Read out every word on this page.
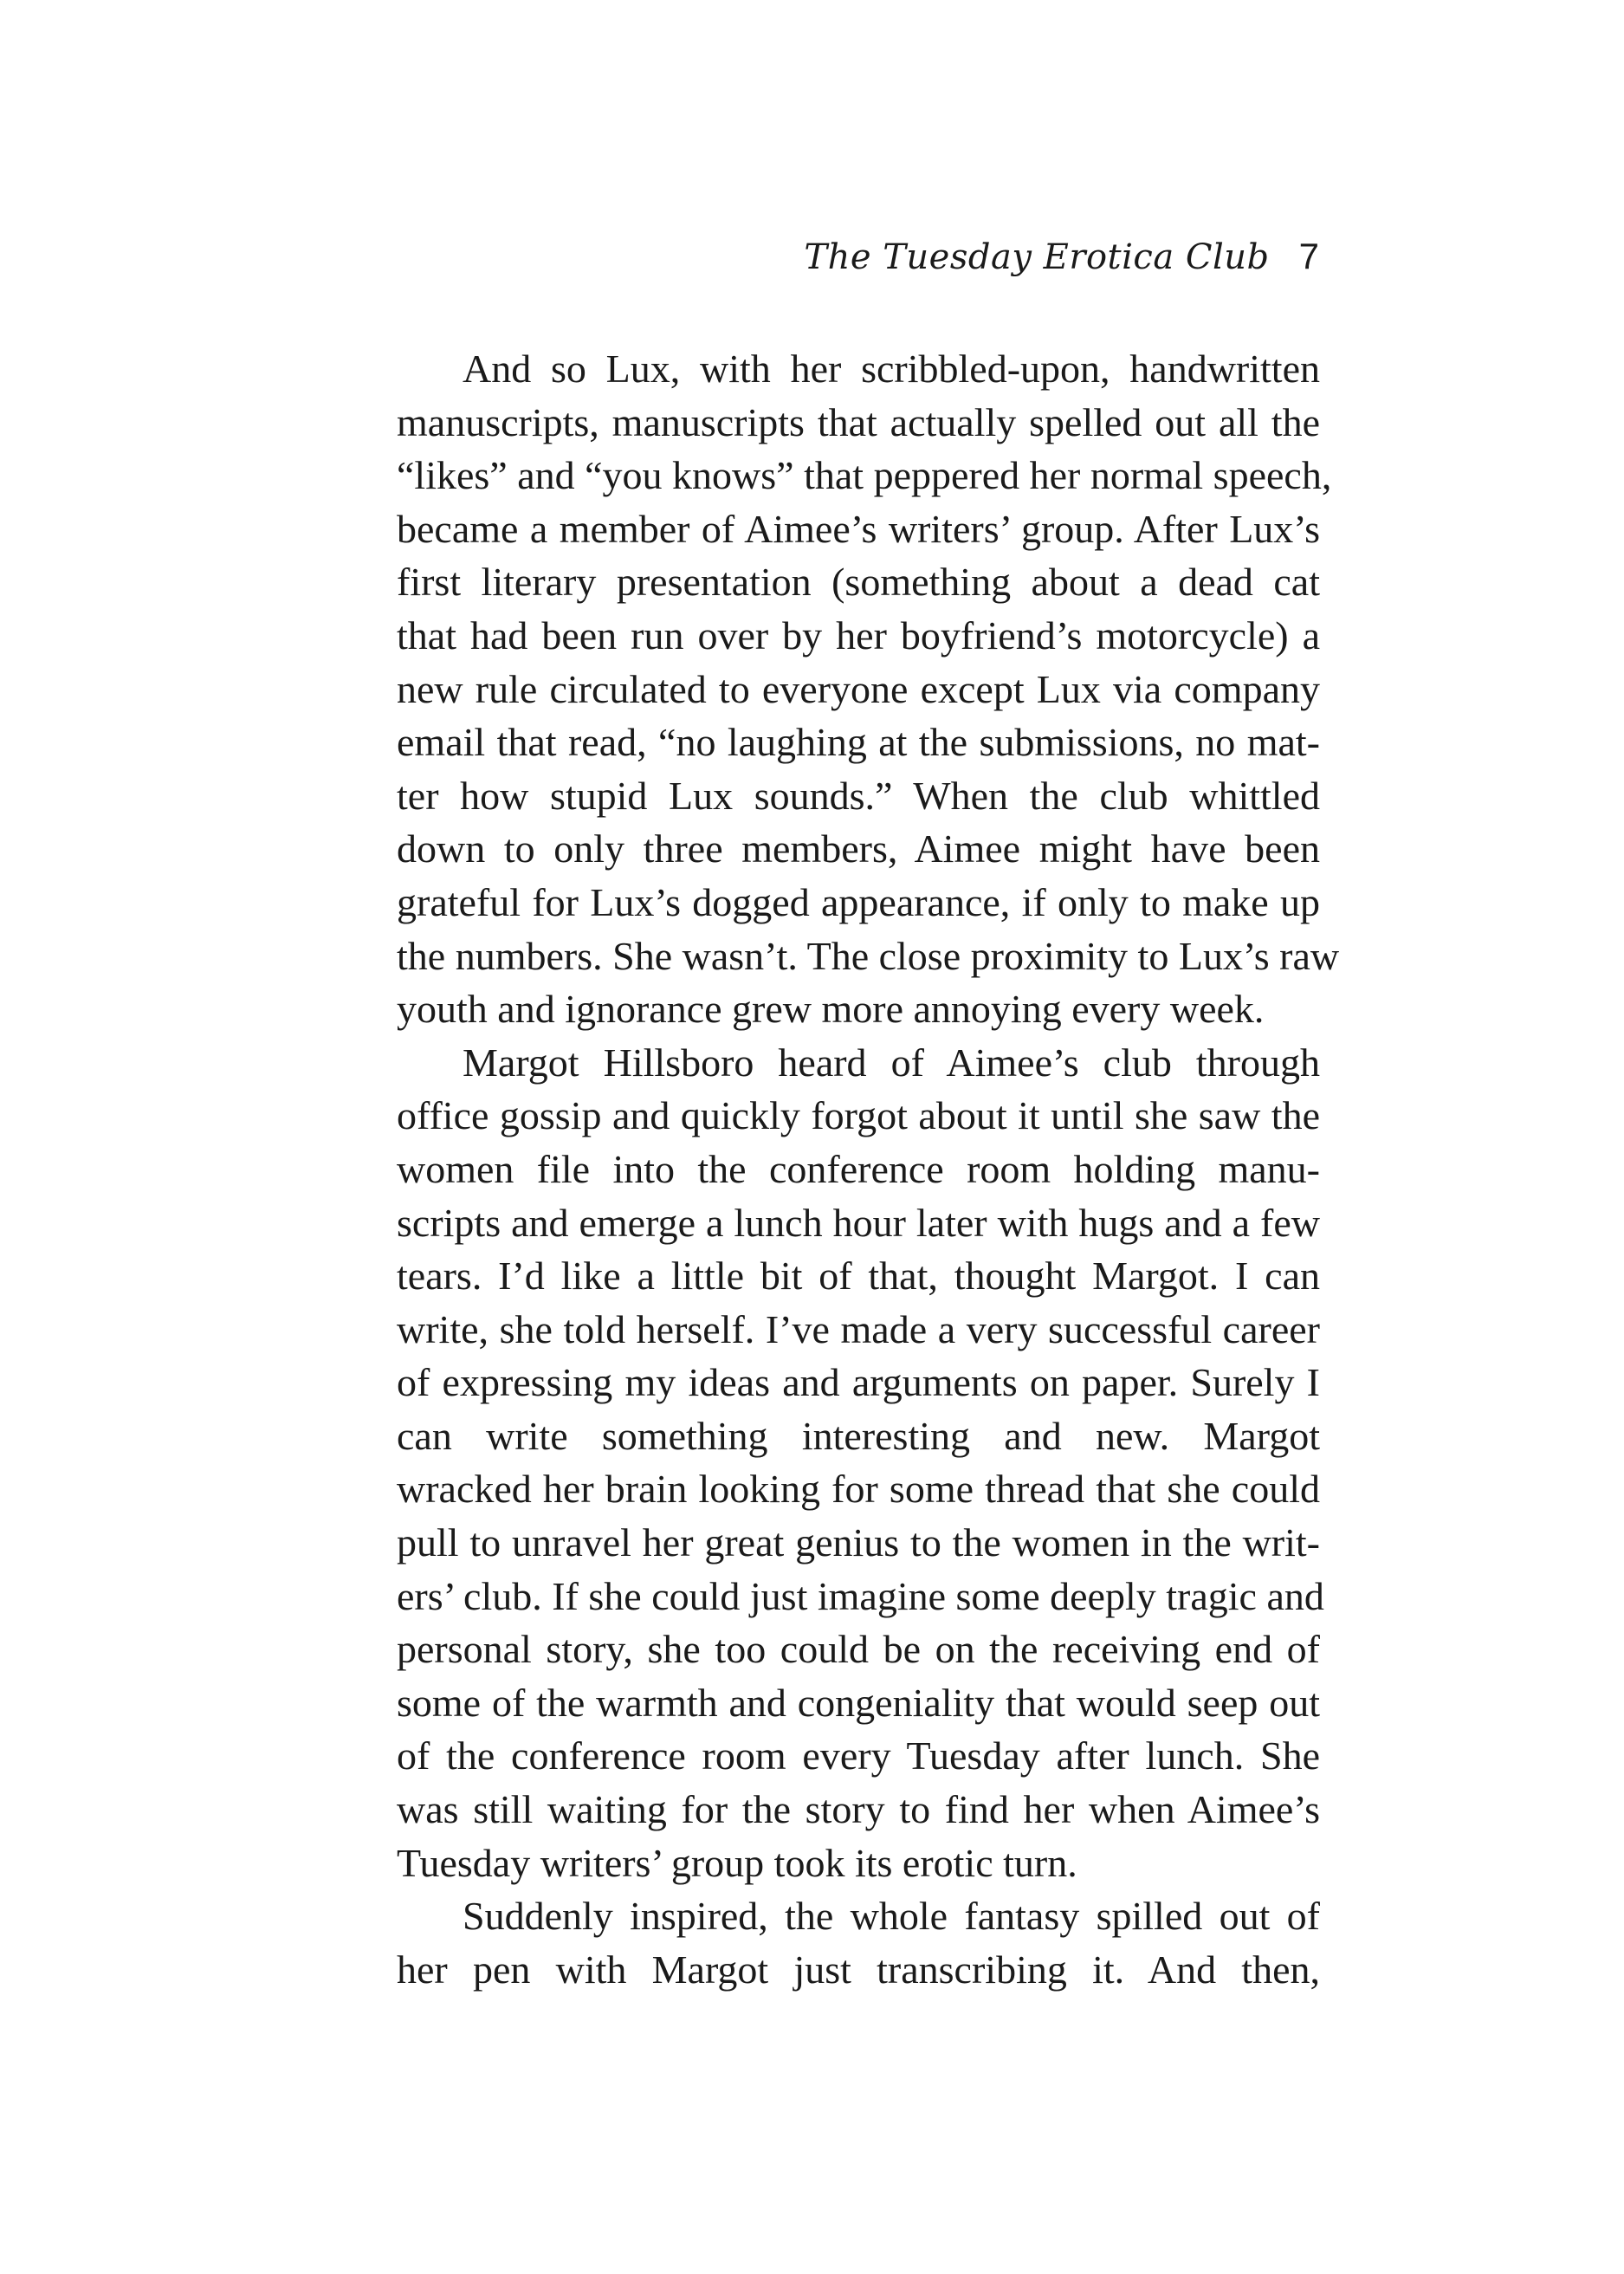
The Tuesday Erotica Club 7

And so Lux, with her scribbled-upon, handwritten
manuscripts, manuscripts that actually spelled out all the
“likes” and “you knows” that peppered her normal speech,
became a member of Aimee’s writers’ group. After Lux’s
first literary presentation (something about a dead cat
that had been run over by her boyfriend’s motorcycle) a
new rule circulated to everyone except Lux via company
email that read, “no laughing at the submissions, no mat-
ter how stupid Lux sounds.” When the club whittled
down to only three members, Aimee might have been
grateful for Lux’s dogged appearance, if only to make up
the numbers. She wasn’t. The close proximity to Lux’s raw
youth and ignorance grew more annoying every week.

Margot Hillsboro heard of Aimee’s club through
office gossip and quickly forgot about it until she saw the
women file into the conference room holding manu-
scripts and emerge a lunch hour later with hugs and a few
tears. I’d like a little bit of that, thought Margot. I can
write, she told herself. I’ve made a very successful career
of expressing my ideas and arguments on paper. Surely I
can write something interesting and new. Margot
wracked her brain looking for some thread that she could
pull to unravel her great genius to the women in the writ-
ers’ club. If she could just imagine some deeply tragic and
personal story, she too could be on the receiving end of
some of the warmth and congeniality that would seep out
of the conference room every Tuesday after lunch. She
was still waiting for the story to find her when Aimee’s
Tuesday writers’ group took its erotic turn.

Suddenly inspired, the whole fantasy spilled out of
her pen with Margot just transcribing it. And then,
